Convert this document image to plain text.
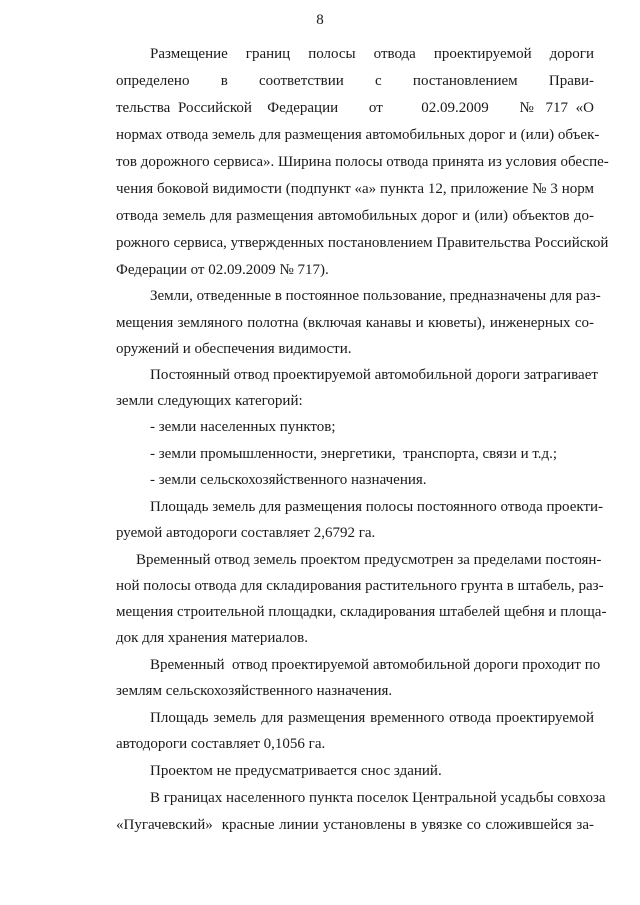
8
Размещение   границ   полосы   отвода   проектируемой   дороги
определено        в        соответствии        с        постановлением        Прави-
тельства Российской  Федерации    от     02.09.2009    № 717 «О
нормах отвода земель для размещения автомобильных дорог и (или) объек-
тов дорожного сервиса». Ширина полосы отвода принята из условия обеспе-
чения боковой видимости (подпункт «а» пункта 12, приложение № 3 норм
отвода земель для размещения автомобильных дорог и (или) объектов до-
рожного сервиса, утвержденных постановлением Правительства Российской
Федерации от 02.09.2009 № 717).
Земли, отведенные в постоянное пользование, предназначены для раз-
мещения земляного полотна (включая канавы и кюветы), инженерных со-
оружений и обеспечения видимости.
Постоянный отвод проектируемой автомобильной дороги затрагивает
земли следующих категорий:
- земли населенных пунктов;
- земли промышленности, энергетики,  транспорта, связи и т.д.;
- земли сельскохозяйственного назначения.
Площадь земель для размещения полосы постоянного отвода проекти-
руемой автодороги составляет 2,6792 га.
Временный отвод земель проектом предусмотрен за пределами постоян-
ной полосы отвода для складирования растительного грунта в штабель, раз-
мещения строительной площадки, складирования штабелей щебня и площа-
док для хранения материалов.
Временный  отвод проектируемой автомобильной дороги проходит по
землям сельскохозяйственного назначения.
Площадь земель для размещения временного отвода проектируемой
автодороги составляет 0,1056 га.
Проектом не предусматривается снос зданий.
В границах населенного пункта поселок Центральной усадьбы совхоза
«Пугачевский»  красные линии установлены в увязке со сложившейся за-
